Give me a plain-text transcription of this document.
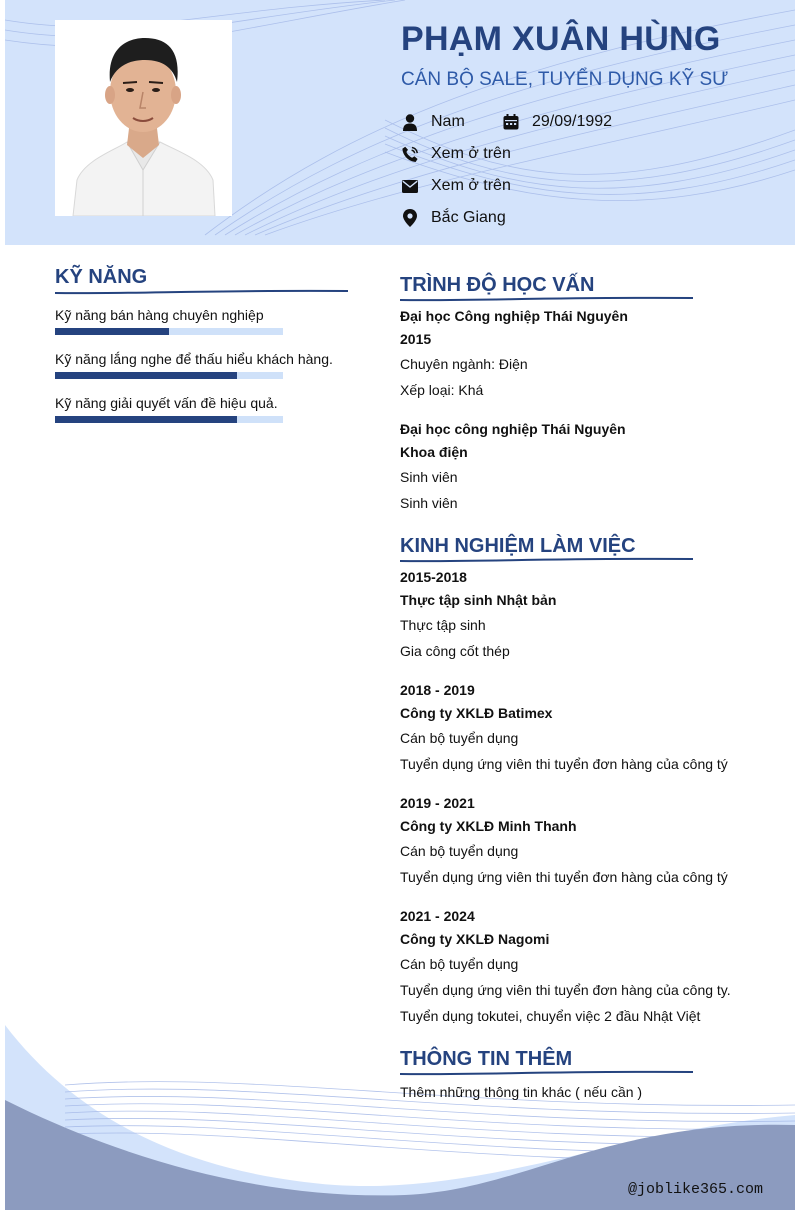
PHẠM XUÂN HÙNG
CÁN BỘ SALE, TUYỂN DỤNG KỸ SƯ
Nam	29/09/1992
Xem ở trên
Xem ở trên
Bắc Giang
KỸ NĂNG
Kỹ năng bán hàng chuyên nghiệp
Kỹ năng lắng nghe để thấu hiểu khách hàng.
Kỹ năng giải quyết vấn đề hiệu quả.
TRÌNH ĐỘ HỌC VẤN
Đại học Công nghiệp Thái Nguyên
2015
Chuyên ngành: Điện
Xếp loại: Khá
Đại học công nghiệp Thái Nguyên
Khoa điện
Sinh viên
Sinh viên
KINH NGHIỆM LÀM VIỆC
2015-2018
Thực tập sinh Nhật bản
Thực tập sinh
Gia công cốt thép
2018 - 2019
Công ty XKLĐ Batimex
Cán bộ tuyển dụng
Tuyển dụng ứng viên thi tuyển đơn hàng của công tý
2019 - 2021
Công ty XKLĐ Minh Thanh
Cán bộ tuyển dụng
Tuyển dụng ứng viên thi tuyển đơn hàng của công tý
2021 - 2024
Công ty XKLĐ Nagomi
Cán bộ tuyển dụng
Tuyển dụng ứng viên thi tuyển đơn hàng của công ty.
Tuyển dụng tokutei, chuyển việc 2 đầu Nhật Việt
THÔNG TIN THÊM
Thêm những thông tin khác ( nếu cần )
@joblike365.com
